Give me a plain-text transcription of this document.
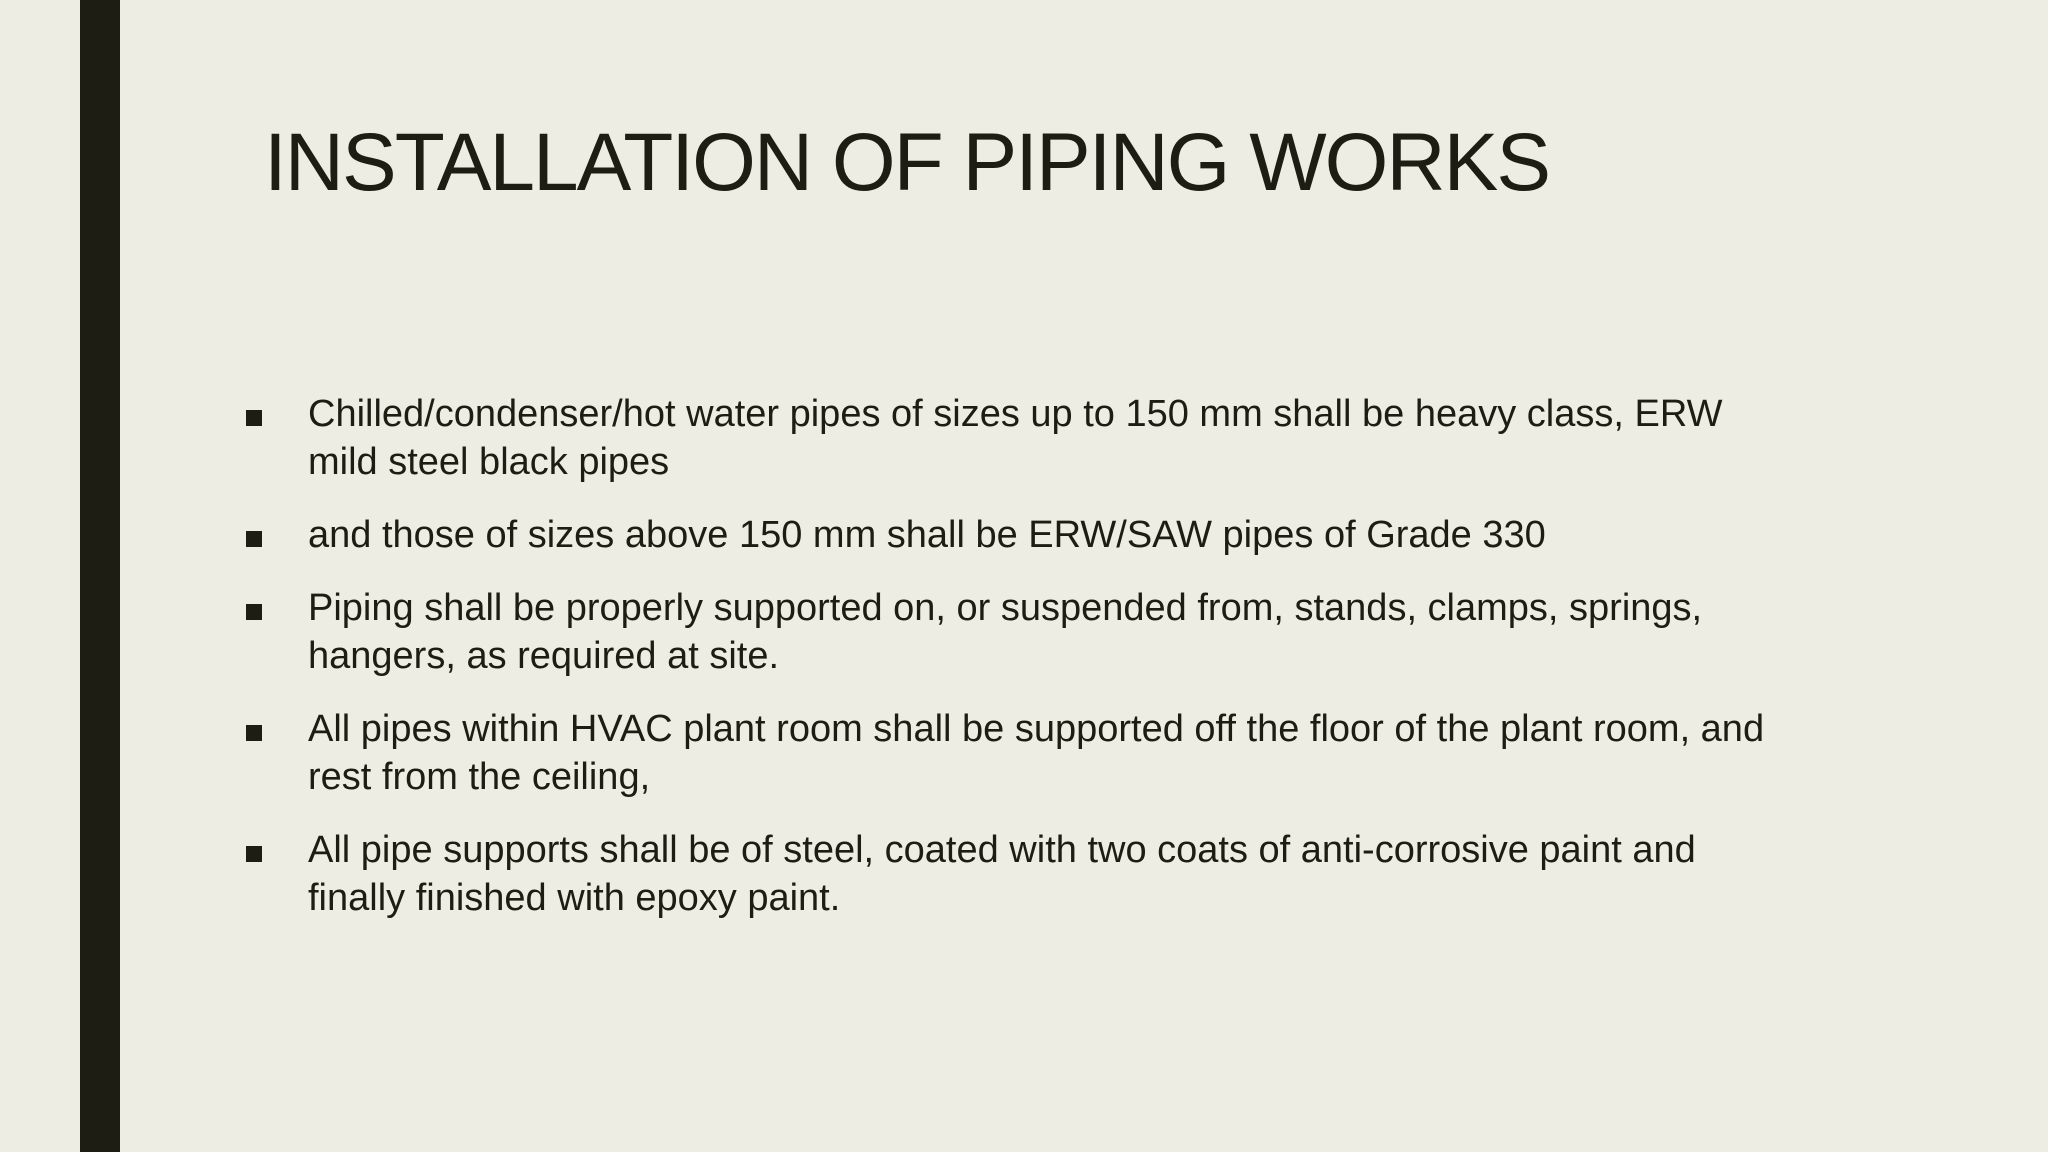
INSTALLATION OF PIPING WORKS
Chilled/condenser/hot water pipes of sizes up to 150 mm shall be heavy class, ERW mild steel black pipes
and those of sizes above 150 mm shall be ERW/SAW pipes of Grade 330
Piping shall be properly supported on, or suspended from, stands, clamps, springs, hangers, as required at site.
All pipes within HVAC plant room shall be supported off the floor of the plant room, and rest from the ceiling,
All pipe supports shall be of steel, coated with two coats of anti-corrosive paint and finally finished with epoxy paint.
